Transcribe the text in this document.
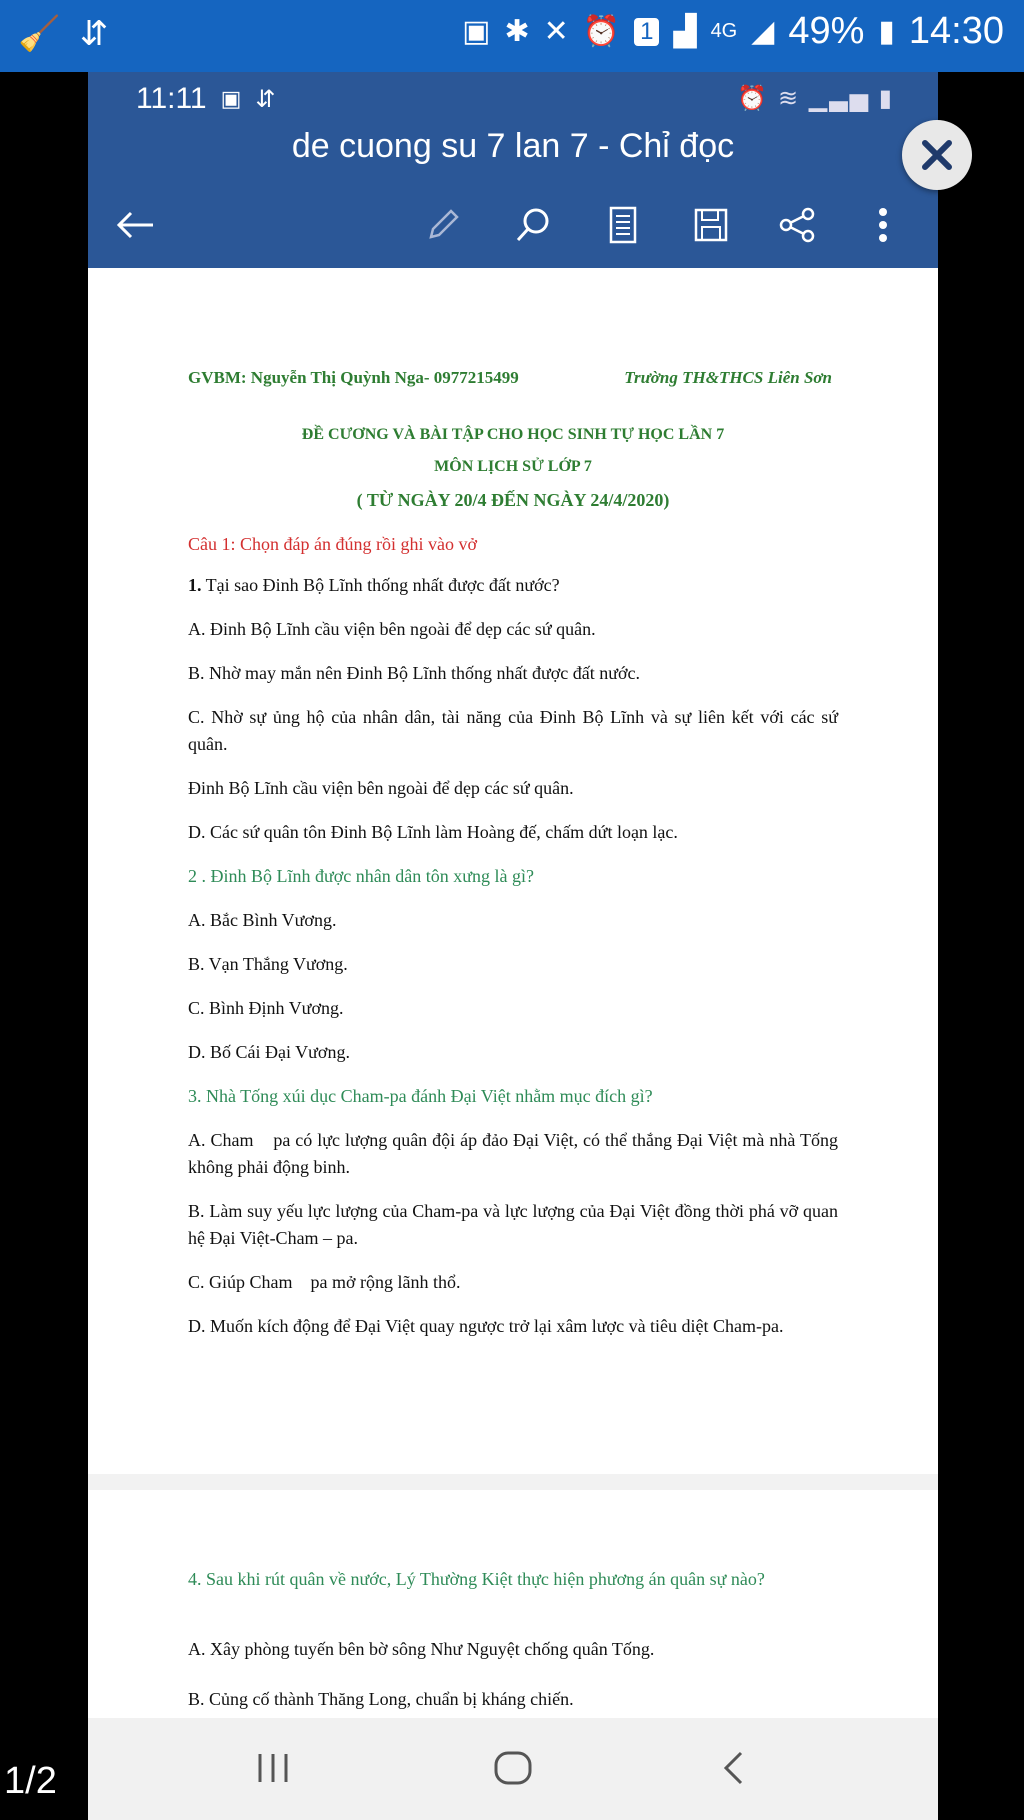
🧹 ⇵	▣ ✱ ✕ ⏰ 1 ▟ 4G ◢ 49% ▮ 14:30
1/2
11:11 ▣ ⇵	⏰ ≋ ▁▃▅ ▮
de cuong su 7 lan 7 - Chỉ đọc
GVBM: Nguyễn Thị Quỳnh Nga- 0977215499	Trường TH&THCS Liên Sơn
ĐỀ CƯƠNG VÀ BÀI TẬP CHO HỌC SINH TỰ HỌC LẦN 7
MÔN LỊCH SỬ LỚP 7
( TỪ NGÀY 20/4 ĐẾN NGÀY 24/4/2020)
Câu 1: Chọn đáp án đúng rồi ghi vào vở
1. Tại sao Đinh Bộ Lĩnh thống nhất được đất nước?
A. Đinh Bộ Lĩnh cầu viện bên ngoài để dẹp các sứ quân.
B. Nhờ may mắn nên Đinh Bộ Lĩnh thống nhất được đất nước.
C. Nhờ sự ủng hộ của nhân dân, tài năng của Đinh Bộ Lĩnh và sự liên kết với các sứ quân.
Đinh Bộ Lĩnh cầu viện bên ngoài để dẹp các sứ quân.
D. Các sứ quân tôn Đinh Bộ Lĩnh làm Hoàng đế, chấm dứt loạn lạc.
2 . Đinh Bộ Lĩnh được nhân dân tôn xưng là gì?
A. Bắc Bình Vương.
B. Vạn Thắng Vương.
C. Bình Định Vương.
D. Bố Cái Đại Vương.
3. Nhà Tống xúi dục Cham-pa đánh Đại Việt nhằm mục đích gì?
A. Cham    pa có lực lượng quân đội áp đảo Đại Việt, có thể thắng Đại Việt mà nhà Tống không phải động binh.
B. Làm suy yếu lực lượng của Cham-pa và lực lượng của Đại Việt đồng thời phá vỡ quan hệ Đại Việt-Cham – pa.
C. Giúp Cham    pa mở rộng lãnh thổ.
D. Muốn kích động để Đại Việt quay ngược trở lại xâm lược và tiêu diệt Cham-pa.
4. Sau khi rút quân về nước, Lý Thường Kiệt thực hiện phương án quân sự nào?
A. Xây phòng tuyến bên bờ sông Như Nguyệt chống quân Tống.
B. Củng cố thành Thăng Long, chuẩn bị kháng chiến.
